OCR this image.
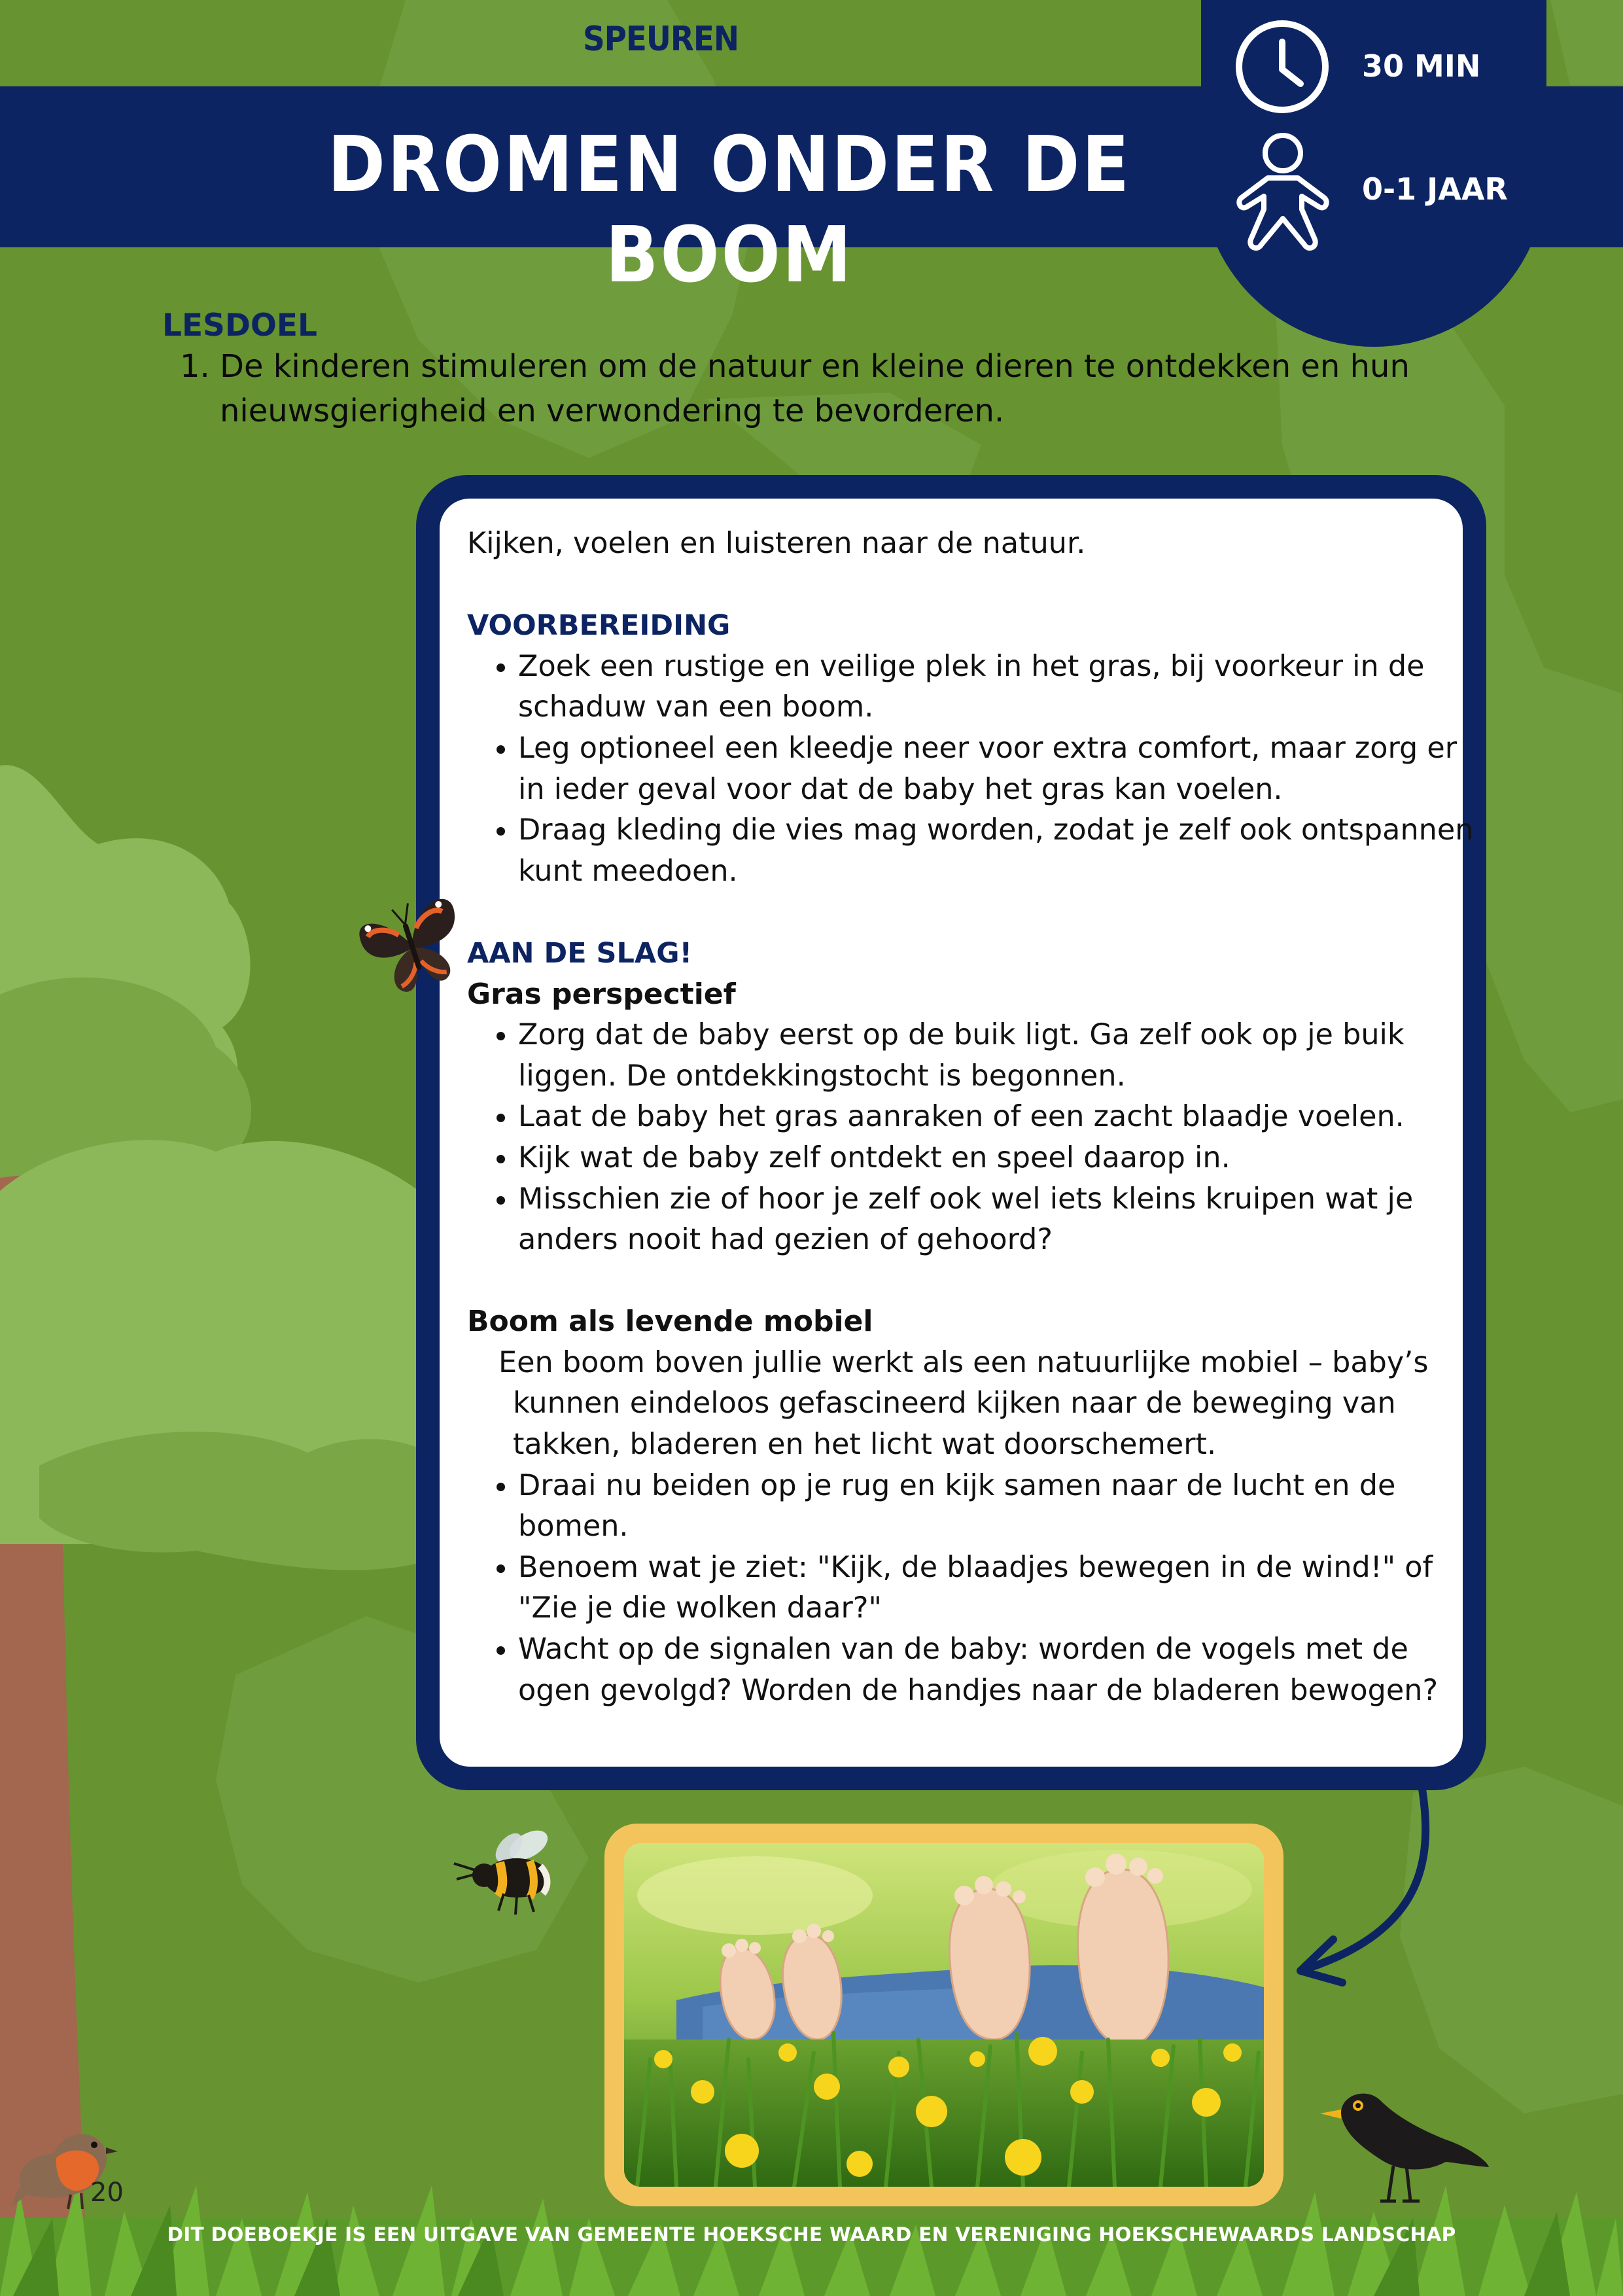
SPEUREN
DROMEN ONDER DE BOOM
30 MIN
0-1 JAAR
LESDOEL
1. De kinderen stimuleren om de natuur en kleine dieren te ontdekken en hun nieuwsgierigheid en verwondering te bevorderen.

Kijken, voelen en luisteren naar de natuur.

VOORBEREIDING

• Zoek een rustige en veilige plek in het gras, bij voorkeur in de schaduw van een boom.
• Leg optioneel een kleedje neer voor extra comfort, maar zorg er in ieder geval voor dat de baby het gras kan voelen.
• Draag kleding die vies mag worden, zodat je zelf ook ontspannen kunt meedoen.

AAN DE SLAG!

Gras perspectief

• Zorg dat de baby eerst op de buik ligt. Ga zelf ook op je buik liggen. De ontdekkingstocht is begonnen.
• Laat de baby het gras aanraken of een zacht blaadje voelen.
• Kijk wat de baby zelf ontdekt en speel daarop in.
• Misschien zie of hoor je zelf ook wel iets kleins kruipen wat je anders nooit had gezien of gehoord?

Boom als levende mobiel

Een boom boven jullie werkt als een natuurlijke mobiel – baby’s
kunnen eindeloos gefascineerd kijken naar de beweging van
takken, bladeren en het licht wat doorschemert.
• Draai nu beiden op je rug en kijk samen naar de lucht en de bomen.
• Benoem wat je ziet: "Kijk, de blaadjes bewegen in de wind!" of "Zie je die wolken daar?"
• Wacht op de signalen van de baby: worden de vogels met de ogen gevolgd? Worden de handjes naar de bladeren bewogen?
20
DIT DOEBOEKJE IS EEN UITGAVE VAN GEMEENTE HOEKSCHE WAARD EN VERENIGING HOEKSCHEWAARDS LANDSCHAP
